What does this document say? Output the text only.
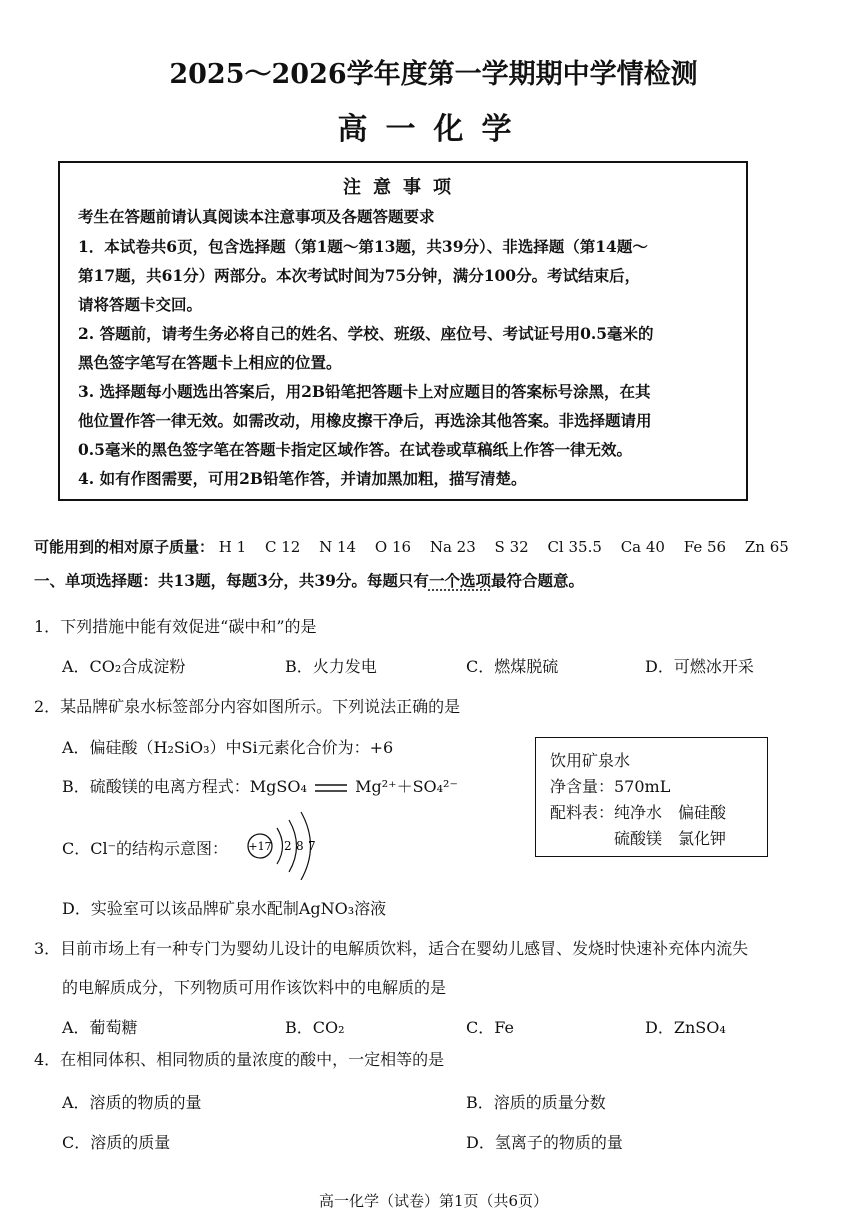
2025～2026学年度第一学期期中学情检测
高一化学
注意事项
考生在答题前请认真阅读本注意事项及各题答题要求
1．本试卷共6页，包含选择题（第1题～第13题，共39分）、非选择题（第14题～
第17题，共61分）两部分。本次考试时间为75分钟，满分100分。考试结束后，
请将答题卡交回。
2. 答题前，请考生务必将自己的姓名、学校、班级、座位号、考试证号用0.5毫米的
黑色签字笔写在答题卡上相应的位置。
3. 选择题每小题选出答案后，用2B铅笔把答题卡上对应题目的答案标号涂黑，在其
他位置作答一律无效。如需改动，用橡皮擦干净后，再选涂其他答案。非选择题请用
0.5毫米的黑色签字笔在答题卡指定区域作答。在试卷或草稿纸上作答一律无效。
4. 如有作图需要，可用2B铅笔作答，并请加黑加粗，描写清楚。
可能用到的相对原子质量： H 1 C 12 N 14 O 16 Na 23 S 32 Cl 35.5 Ca 40 Fe 56 Zn 65
一、单项选择题：共13题，每题3分，共39分。每题只有一个选项最符合题意。
1．下列措施中能有效促进“碳中和”的是
A．CO₂合成淀粉	B．火力发电	C．燃煤脱硫	D．可燃冰开采
2．某品牌矿泉水标签部分内容如图所示。下列说法正确的是
A．偏硅酸（H₂SiO₃）中Si元素化合价为：+6
B．硫酸镁的电离方程式：MgSO₄	Mg²⁺＋SO₄²⁻
C．Cl⁻的结构示意图： +17 2 8 7
D．实验室可以该品牌矿泉水配制AgNO₃溶液
饮用矿泉水
净含量：570mL
配料表：纯净水　偏硅酸
　　　　硫酸镁　氯化钾
3．目前市场上有一种专门为婴幼儿设计的电解质饮料，适合在婴幼儿感冒、发烧时快速补充体内流失
的电解质成分，下列物质可用作该饮料中的电解质的是
A．葡萄糖	B．CO₂	C．Fe	D．ZnSO₄
4．在相同体积、相同物质的量浓度的酸中，一定相等的是
A．溶质的物质的量	B．溶质的质量分数
C．溶质的质量	D．氢离子的物质的量
高一化学（试卷）第1页（共6页）
